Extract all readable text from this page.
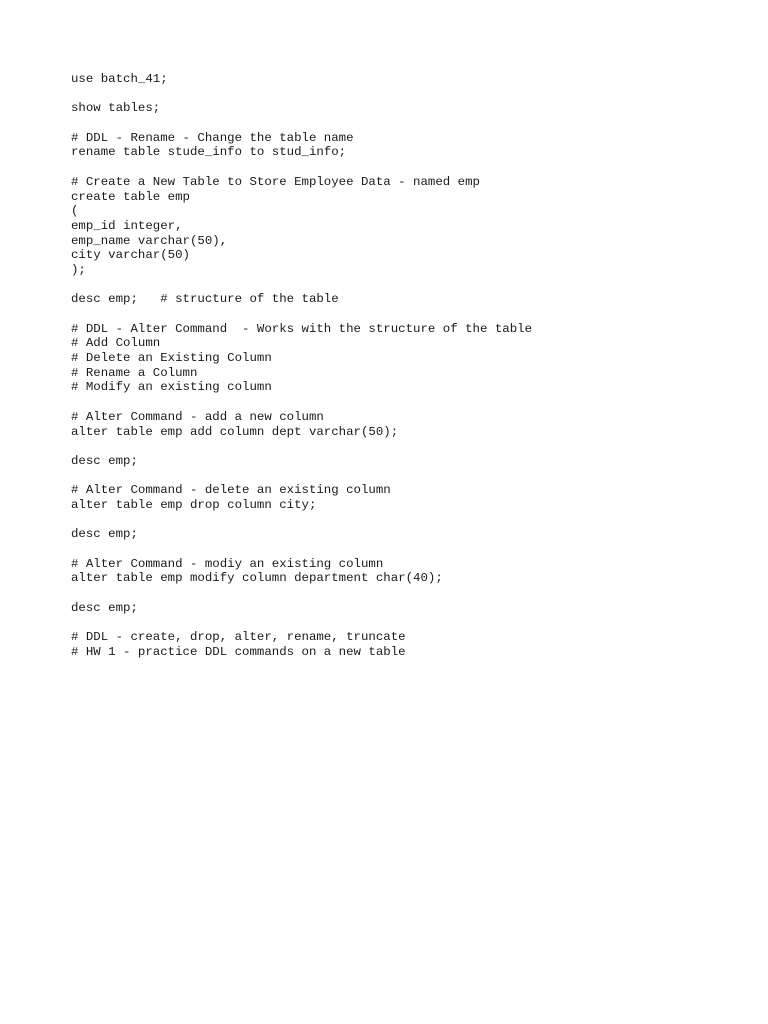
use batch_41;
show tables;
# DDL - Rename - Change the table name
rename table stude_info to stud_info;
# Create a New Table to Store Employee Data - named emp
create table emp
(
emp_id integer,
emp_name varchar(50),
city varchar(50)
);
desc emp;   # structure of the table
# DDL - Alter Command  - Works with the structure of the table
# Add Column
# Delete an Existing Column
# Rename a Column
# Modify an existing column
# Alter Command - add a new column
alter table emp add column dept varchar(50);
desc emp;
# Alter Command - delete an existing column
alter table emp drop column city;
desc emp;
# Alter Command - modiy an existing column
alter table emp modify column department char(40);
desc emp;
# DDL - create, drop, alter, rename, truncate
# HW 1 - practice DDL commands on a new table
